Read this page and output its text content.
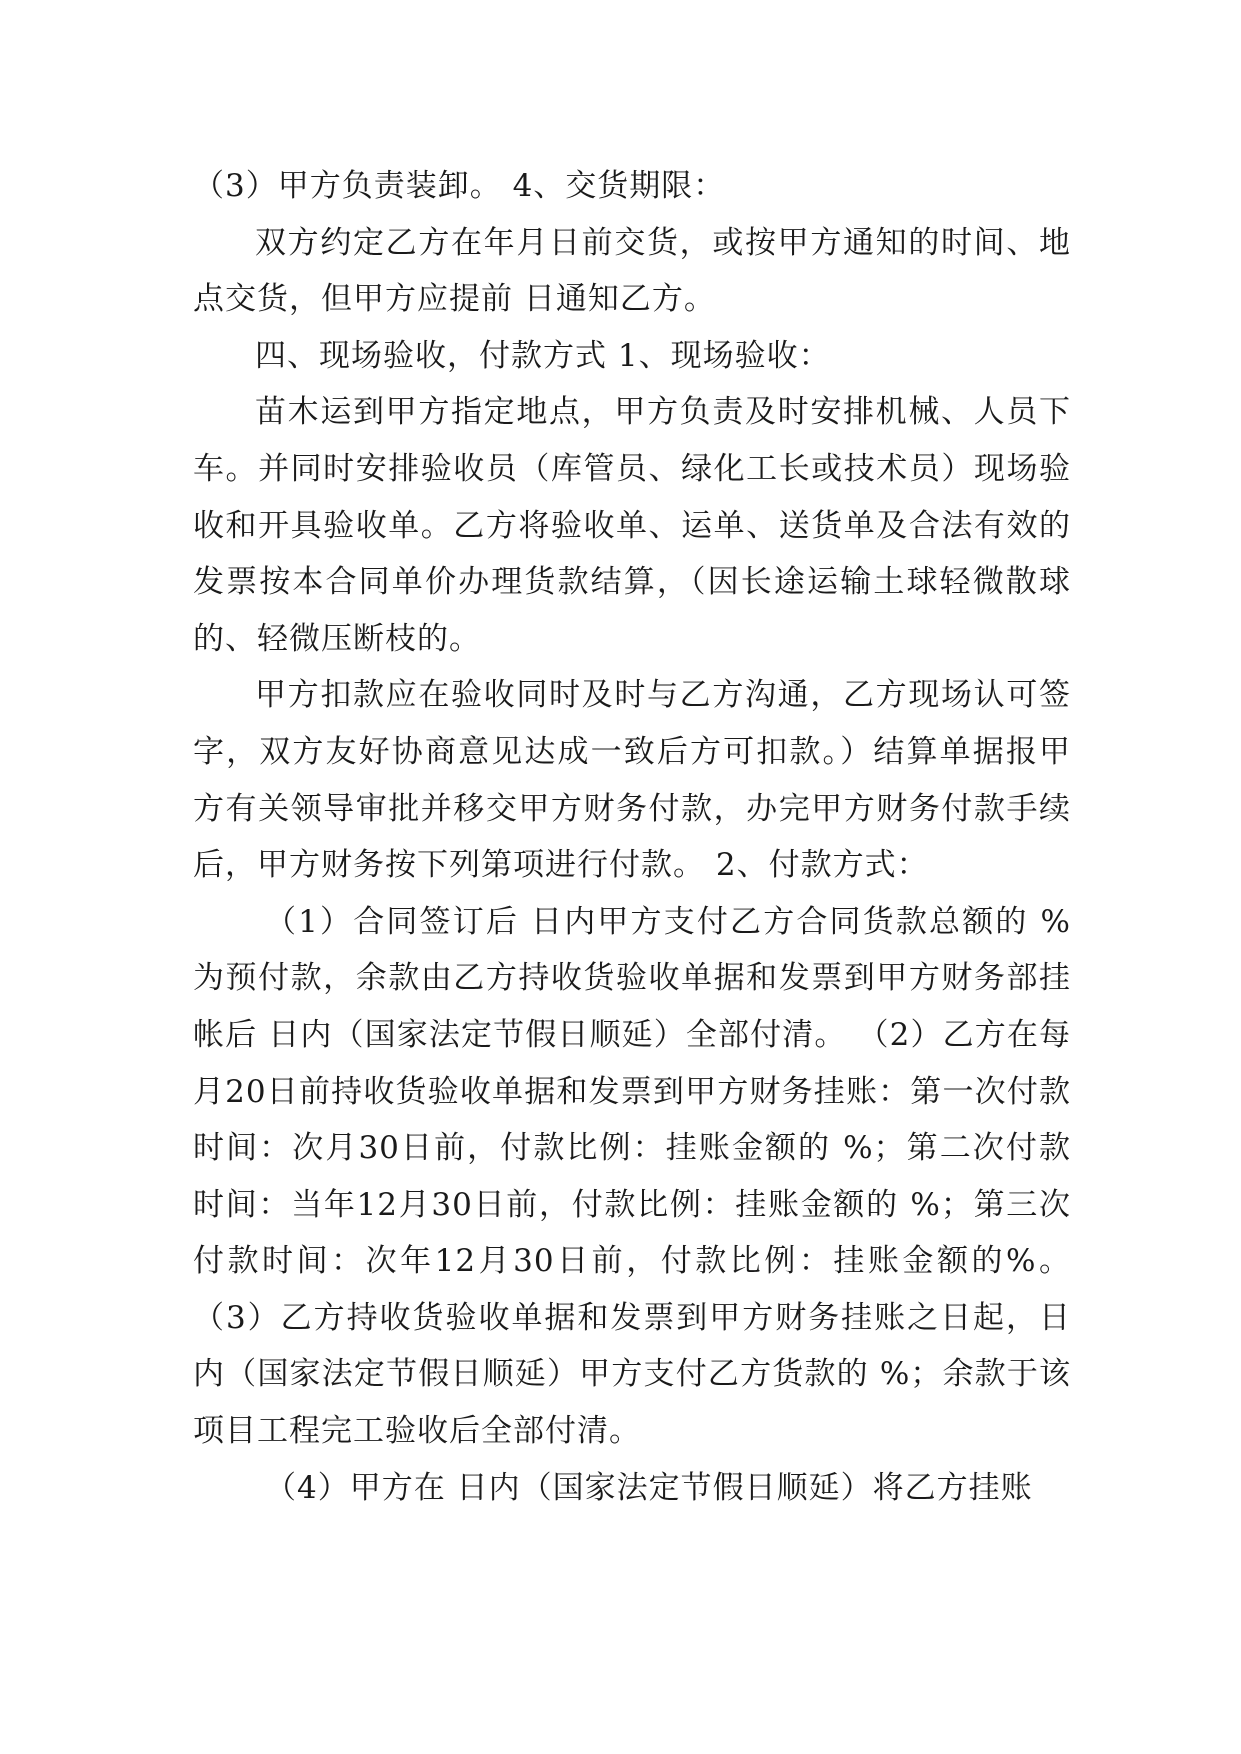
（3）甲方负责装卸。 4、交货期限：

双方约定乙方在年月日前交货，或按甲方通知的时间、地点交货，但甲方应提前 日通知乙方。

四、现场验收，付款方式 1、现场验收：

苗木运到甲方指定地点，甲方负责及时安排机械、人员下车。并同时安排验收员（库管员、绿化工长或技术员）现场验收和开具验收单。乙方将验收单、运单、送货单及合法有效的发票按本合同单价办理货款结算，（因长途运输土球轻微散球的、轻微压断枝的。

甲方扣款应在验收同时及时与乙方沟通，乙方现场认可签字，双方友好协商意见达成一致后方可扣款。）结算单据报甲方有关领导审批并移交甲方财务付款，办完甲方财务付款手续后，甲方财务按下列第项进行付款。 2、付款方式：

（1）合同签订后 日内甲方支付乙方合同货款总额的 %为预付款，余款由乙方持收货验收单据和发票到甲方财务部挂帐后 日内（国家法定节假日顺延）全部付清。 （2）乙方在每月20日前持收货验收单据和发票到甲方财务挂账：第一次付款时间：次月30日前，付款比例：挂账金额的 %；第二次付款时间：当年12月30日前，付款比例：挂账金额的 %；第三次付款时间：次年12月30日前，付款比例：挂账金额的%。 （3）乙方持收货验收单据和发票到甲方财务挂账之日起，日内（国家法定节假日顺延）甲方支付乙方货款的 %；余款于该项目工程完工验收后全部付清。

（4）甲方在 日内（国家法定节假日顺延）将乙方挂账
